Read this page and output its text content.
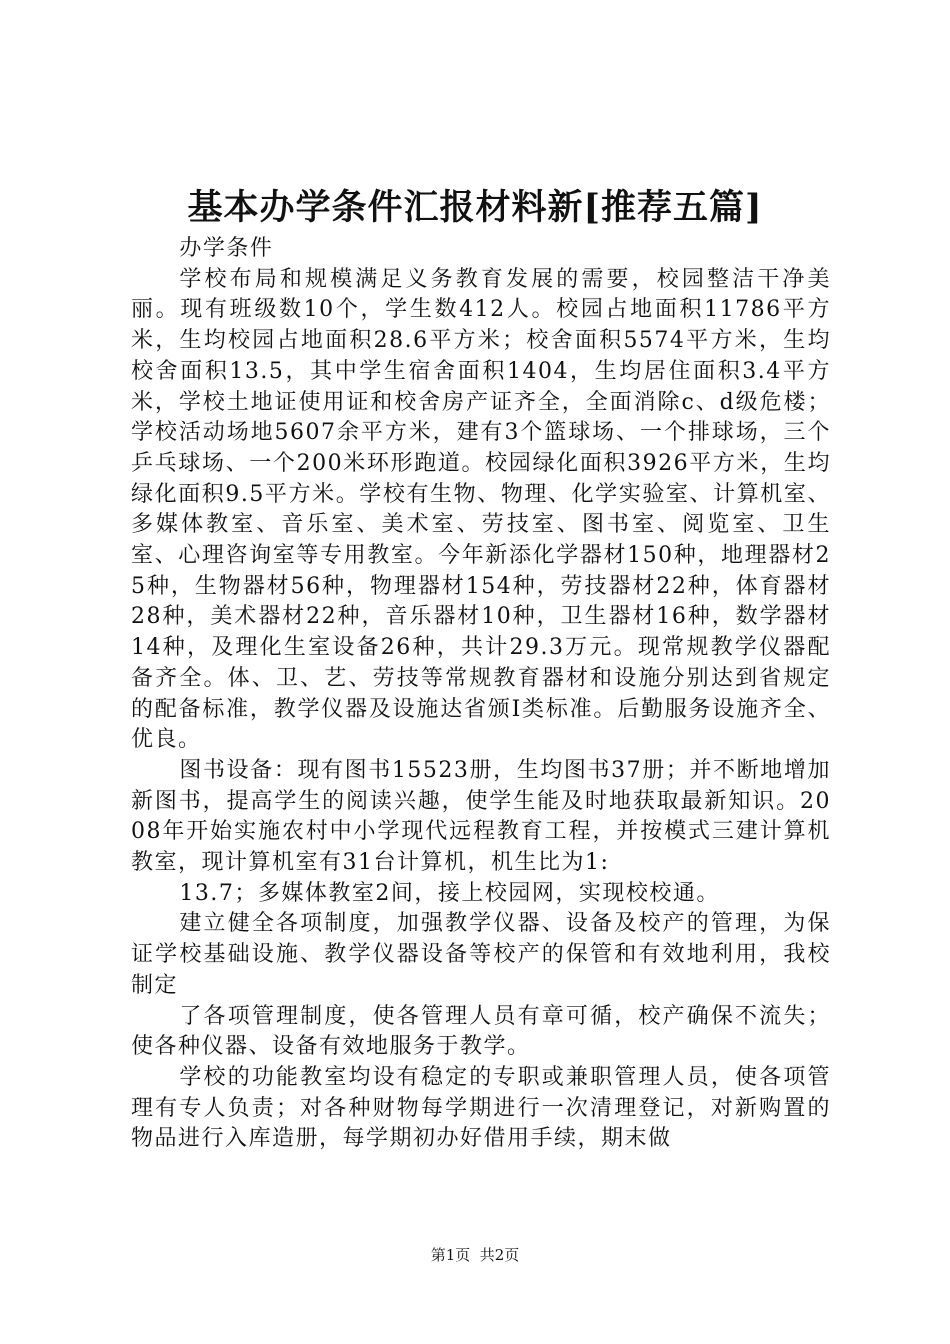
基本办学条件汇报材料新[推荐五篇]

办学条件

学校布局和规模满足义务教育发展的需要，校园整洁干净美丽。现有班级数10个，学生数412人。校园占地面积11786平方米，生均校园占地面积28.6平方米；校舍面积5574平方米，生均校舍面积13.5，其中学生宿舍面积1404，生均居住面积3.4平方米，学校土地证使用证和校舍房产证齐全，全面消除c、d级危楼；学校活动场地5607余平方米，建有3个篮球场、一个排球场，三个乒乓球场、一个200米环形跑道。校园绿化面积3926平方米，生均绿化面积9.5平方米。学校有生物、物理、化学实验室、计算机室、多媒体教室、音乐室、美术室、劳技室、图书室、阅览室、卫生室、心理咨询室等专用教室。今年新添化学器材150种，地理器材25种，生物器材56种，物理器材154种，劳技器材22种，体育器材28种，美术器材22种，音乐器材10种，卫生器材16种，数学器材14种，及理化生室设备26种，共计29.3万元。现常规教学仪器配备齐全。体、卫、艺、劳技等常规教育器材和设施分别达到省规定的配备标准，教学仪器及设施达省颁Ⅰ类标准。后勤服务设施齐全、优良。

图书设备：现有图书15523册，生均图书37册；并不断地增加新图书，提高学生的阅读兴趣，使学生能及时地获取最新知识。2008年开始实施农村中小学现代远程教育工程，并按模式三建计算机教室，现计算机室有31台计算机，机生比为1:

13.7；多媒体教室2间，接上校园网，实现校校通。

建立健全各项制度，加强教学仪器、设备及校产的管理，为保证学校基础设施、教学仪器设备等校产的保管和有效地利用，我校制定

了各项管理制度，使各管理人员有章可循，校产确保不流失；使各种仪器、设备有效地服务于教学。

学校的功能教室均设有稳定的专职或兼职管理人员，使各项管理有专人负责；对各种财物每学期进行一次清理登记，对新购置的物品进行入库造册，每学期初办好借用手续，期末做

第1页  共2页
